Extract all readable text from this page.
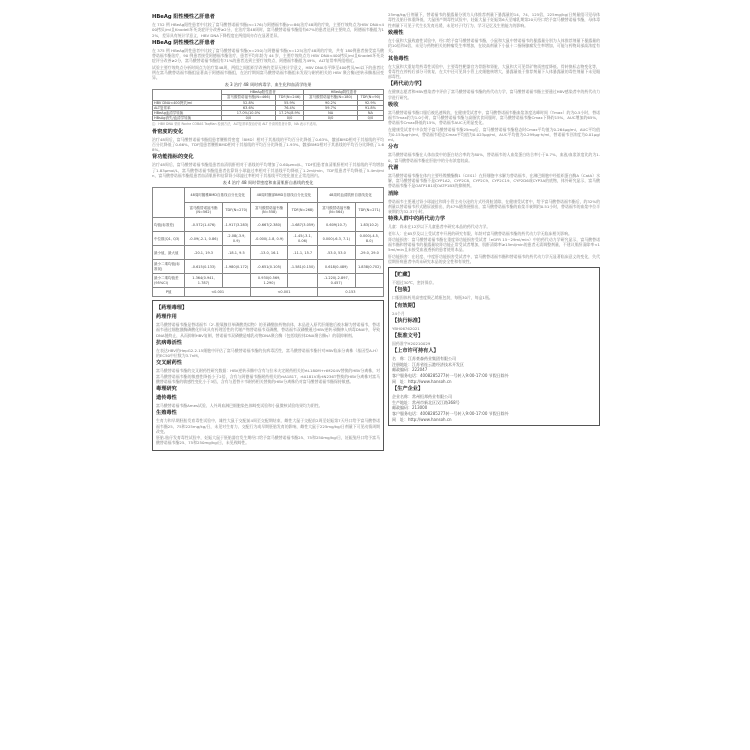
HBeAg 阳性慢性乙肝患者
在 752 例 HBeAg阳性患者中比较了富马酸替诺福韦酯(n=176)与阿德福韦酯(n=86)治疗48周的疗效，主要疗效终点为HBV DNA<400拷贝/ml且Knodell坏死炎症评分改善≥2分，在治疗第48周时，富马酸替诺福韦酯组有67%的患者达到主要终点，阿德福韦酯组为12%，差异具有统计学意义，HBV DNA下降程度在两组间亦存在显著差异。
HBeAg 阴性慢性乙肝患者
在 375 例 HBeAg阴性患者中比较了富马酸替诺福韦酯(n=250)与阿德福韦酯(n=125)治疗48周的疗效，共有 180例患者接受富马酸替诺福韦酯治疗，90 例患者接受阿德福韦酯治疗，患者平均年龄为 44 岁，主要疗效终点为 HBV DNA<400拷贝/ml且Knodell坏死炎症评分改善≥2分，富马酸替诺福韦酯组有71%的患者达到主要疗效终点，阿德福韦酯组为49%，ALT复常率两组相近。
试验主要疗效终点分析时间点为治疗第48周，两组之间组织学改善的差异无统计学意义，HBV DNA水平降至400拷贝/ml以下的患者比例在富马酸替诺福韦酯组显著高于阿德福韦酯组，在治疗期间富马酸替诺福韦酯组未发现与耐药相关的 HBV 聚合酶/逆转录酶基因变异。
表 3 治疗 48 周时病毒学、血生化和血清学结果
	HBeAg阳性患者		HBeAg阴性患者	
	富马酸替诺福韦酯(N=466)	TDF(N=246)	富马酸替诺福韦酯(N=180)	TDF(N=90)
HBV DNA<400拷贝/ml	52.8%	55.9%	90.2%	92.9%
ALT复常率	63.6%	76.4%	59.7%	91.8%
HBeAg血清学转换	17.0%/10.0%	17.2%/8.9%	NA	NA
HBsAg消失/血清学转换	0/0	0/0	0/0	0/0
注：HBV DNA 采用 Roche COBAS TaqMan 检测方法，ALT复常率按治疗前 ALT 升高的患者计算，NA 表示不适用。
骨密度的变化
治疗48周后，富马酸替诺福韦酯组患者腰椎骨密度（BMD）相对于其基线的平均百分比降低了0.63%，髋部BMD相对于其基线的平均百分比降低了0.66%，TDF组患者腰椎BMD相对于其基线的平均百分比降低了1.93%，髋部BMD相对于其基线的平均百分比降低了1.68%。
肾功能指标的变化
治疗48周后，富马酸替诺福韦酯组患者血清肌酐相对于基线的平均增加了0.60μmol/L，TDF组患者血清肌酐相对于其基线的平均增加了1.83μmol/L，富马酸替诺福韦酯组患者估算肾小球滤过率相对于其基线平均降低了1.2ml/min，TDF组患者平均降低了5.4ml/min，富马酸替诺福韦酯组患者血清肌酐和估算肾小球滤过率相对于其基线平均变化值在正常范围内。
表 4 治疗 48 周时骨密度和血清肌酐自基线的变化
	48周时腰椎BMD自基线百分比变化		48周时髋部BMD自基线百分比变化		48周时血清肌酐自基线变化	
	富马酸替诺福韦酯(N=562)	TDF(N=270)	富马酸替诺福韦酯(N=558)	TDF(N=268)	富马酸替诺福韦酯(N=564)	TDF(N=271)
均值(标准差)	-0.572(1.476)	-1.917(3.283)	-0.667(2.380)	-1.687(3.059)	0.609(10.7)	1.83(10.2)
中位数(Q1, Q3)	-0.09(-2.1, 0.86)	-2.08(-3.9, 0.9)	-0.000(-1.8, 0.9)	-1.45(-3.1, 0.06)	0.000(-6.3, 7.1)	0.000(-4.5, 8.0)
最小值，最大值	-20.1, 19.3	-18.1, 9.5	-13.0, 16.1	-11.1, 15.7	-53.0, 53.0	-29.0, 29.0
最小二乘均值(标准误)	-0.615(0.133)	-1.980(0.172)	-0.651(0.105)	-1.581(0.150)	0.618(0.489)	1.838(0.702)
最小二乘均值差(95%CI)	1.364(0.941, 1.787)		0.930(0.569, 1.290)		-1.220(-2.897, 0.457)	
P值	<0.001		<0.001		0.153	
【药理毒理】
药理作用
富马酸替诺福韦酯是替诺福韦（2'-脱氧腺苷单磷酸类似物）的亚磷酰胺药物前体，本品进入原代肝细胞后被水解为替诺福韦，替诺福韦通过细胞激酶磷酸化形成具有药理活性的代谢产物替诺福韦双磷酸，替诺福韦双磷酸通过HBV逆转录酶掺入病毒DNA中，导致DNA链终止，从而抑制HBV复制，替诺福韦双磷酸是哺乳动物DNA聚合酶（包括线粒体DNA聚合酶γ）的弱抑制剂。
抗病毒活性
在表达HBV的HepG2.2.15细胞中评估了富马酸替诺福韦酯的抗病毒活性，富马酸替诺福韦酯针对HBV临床分离株（基因型A-H）的EC50中位数为3.7nM。
交叉耐药性
富马酸替诺福韦酯的交叉耐药性研究数据：HBV逆转录酶中含有与拉米夫定耐药相关的rtL180M+rtM204V替换的HBV分离株，对富马酸替诺福韦酯的敏感性降低小于2倍，含有与阿德福韦酯耐药相关的rtA181T、rtA181V或rtN236T替换的HBV分离株对富马酸替诺福韦酯的敏感性变化小于3倍，含有与恩替卡韦耐药相关替换的HBV分离株仍对富马酸替诺福韦酯保持敏感。
毒理研究
遗传毒性
富马酸替诺福韦酯Ames试验、人外周血淋巴细胞染色体畸变试验和小鼠微核试验结果均为阴性。
生殖毒性
生育力和早期胚胎发育毒性试验中，雄性大鼠于交配前4周至交配期结束、雌性大鼠于交配前2周至妊娠第7天经口给予富马酸替诺福韦酯25、75和225mg/kg/日，未见对生育力、交配行为或早期胚胎发育的影响，雌性大鼠于225mg/kg/日剂量下可见动情周期改变。
胚胎-胎仔发育毒性试验中，妊娠大鼠于胚胎器官发生期经口给予富马酸替诺福韦酯25、75和250mg/kg/日，妊娠兔经口给予富马酸替诺福韦酯25、75和250mg/kg/日，未见致畸性。
25mg/kg/日剂量下，替诺福韦的暴露量分别为人体推荐剂量下暴露量的14、74、125倍，225mg/kg/日剂量组可见母体毒性及胎仔体重降低，大鼠围产期毒性试验中，妊娠大鼠于妊娠第6天至哺乳期第20天经口给予富马酸替诺福韦酯，母体毒性剂量下可见子代生长发育迟缓，未见对子代行为、学习记忆及生殖能力的影响。
致癌性
在小鼠和大鼠致癌性试验中，经口给予富马酸替诺福韦酯，小鼠和大鼠中替诺福韦的暴露量分别为人体推荐剂量下暴露量的约10倍和4倍，未见与药物相关的肿瘤发生率增加，在较高剂量下小鼠十二指肠腺瘤发生率增加，可能与药物局部高浓度有关。
其他毒性
在大鼠和犬重复给药毒性试验中，主要毒性靶器官为骨骼和肾脏，大鼠和犬可见骨矿物质密度降低、骨转换标志物变化等，骨毒性在停药后部分可恢复，在犬中还可见肾小管上皮细胞核增大，暴露量低于推荐剂量下人体暴露量的毒性剂量下未见眼部毒性。
【药代动力学】
在健康志愿者和HBV感染者中评价了富马酸替诺福韦酯的药代动力学，富马酸替诺福韦酯主要通过HBV感染者中的药代动力学进行研究。
吸收
富马酸替诺福韦酯口服后被迅速吸收，在健康受试者中，富马酸替诺福韦酯血浆浓度达峰时间（Tmax）约为0.5小时，替诺福韦Tmax约为1.0小时，富马酸替诺福韦酯与高脂饮食同服时，富马酸替诺福韦酯Cmax下降约15%，AUC增加约65%，替诺福韦Cmax降低约15%，替诺福韦AUC无明显变化。
在健康受试者中多次给予富马酸替诺福韦酯25mg后，富马酸替诺福韦酯稳态时Cmax平均值为0.264μg/ml，AUC平均值为0.153μg·h/ml，替诺福韦稳态Cmax平均值为0.023μg/ml，AUC平均值为0.299μg·h/ml，替诺福韦谷浓度为0.01μg/ml。
分布
富马酸替诺福韦酯在人体血浆中的蛋白结合率约为80%，替诺福韦的人血浆蛋白结合率小于0.7%，血液/血浆浓度比约为1.0，富马酸替诺福韦酯在肝脏中的分布浓度较高。
代谢
富马酸替诺福韦酯在体内主要经羧酸酯酶1（CES1）在肝细胞中水解为替诺福韦，在淋巴细胞中经组织蛋白酶A（CatA）水解，富马酸替诺福韦酯不是CYP1A2、CYP2C8、CYP2C9、CYP2C19、CYP2D6或CYP3A的底物，体外研究显示，富马酸替诺福韦酯不是OATP1B1或OATP1B3的抑制剂。
消除
替诺福韦主要通过肾小球滤过和肾小管主动分泌的方式经肾脏消除，在健康受试者中，给予富马酸替诺福韦酯后，约32%的剂量以替诺福韦形式随尿液排出，约47%随粪便排出，富马酸替诺福韦酯的血浆半衰期约0.51小时，替诺福韦的血浆中位半衰期约为32.37小时。
特殊人群中的药代动力学
儿童：尚未在12岁以下儿童患者中研究本品的药代动力学。
老年人：在65岁及以上受试者中开展的研究有限，年龄对富马酸替诺福韦酯的药代动力学无临床相关影响。
肾功能损害：富马酸替诺福韦酯在重度肾功能损害受试者（eGFR 15~29ml/min）中的药代动力学研究显示，富马酸替诺福韦酯和替诺福韦的暴露量较肾功能正常受试者增加，肌酐清除率≥15ml/min的患者无需调整剂量，不建议肌酐清除率<15ml/min且未接受血液透析的患者使用本品。
肝功能损害：在轻度、中度肝功能损害受试者中，富马酸替诺福韦酯和替诺福韦的药代动力学无显著临床意义的变化，失代偿期肝病患者中尚未研究本品的安全性和有效性。
【贮藏】
不超过30℃，密封保存。
【包装】
口服固体药用高密度聚乙烯瓶包装，每瓶30片，每盒1瓶。
【有效期】
24个月
【执行标准】
YBH06762021
【批准文号】
国药准字H20210029
【上市许可持有人】
名　称：江苏豪森药业集团有限公司
注册地址：江苏省连云港经济技术开发区
邮政编码：222047
客户服务电话：4008285277转一号转入9:00-17:00 节假日除外
网　址：http://www.hansoh.cn
【生产企业】
企业名称：常州恒邦药业有限公司
生产地址：常州市新北区汉江路368号
邮政编码：213000
客户服务电话：4008285277转一号转入9:00-17:00 节假日除外
网　址：http://www.hansoh.cn
